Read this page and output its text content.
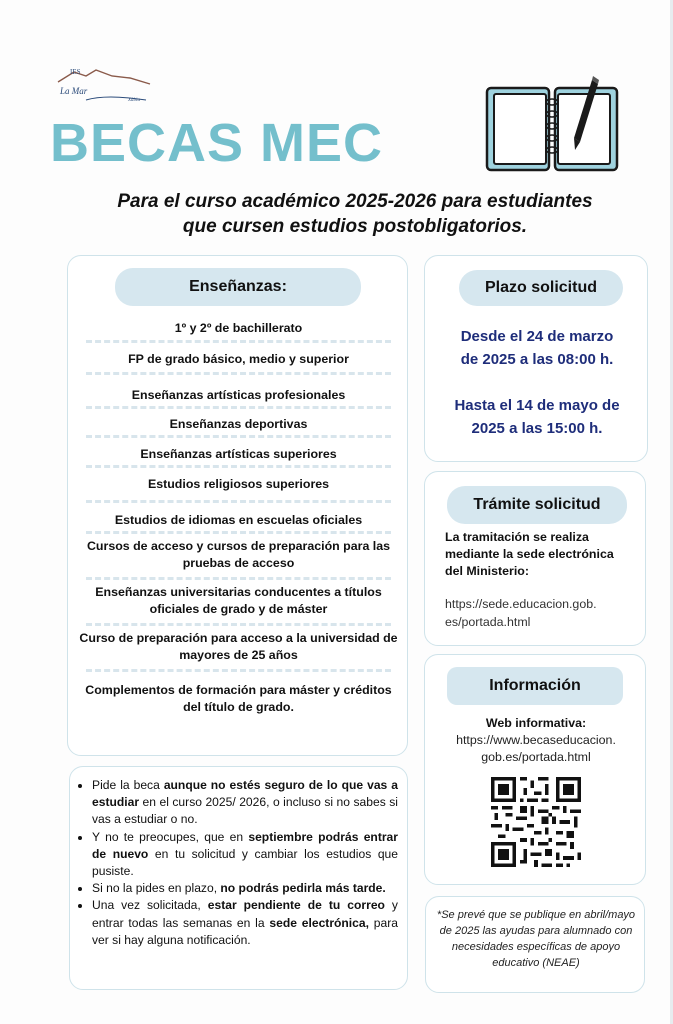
IES
La Mar
Xàbia
BECAS MEC
Para el curso académico 2025-2026 para estudiantes
que cursen estudios postobligatorios.
Enseñanzas:
1º y 2º de bachillerato
FP de grado básico, medio y superior
Enseñanzas artísticas profesionales
Enseñanzas deportivas
Enseñanzas artísticas superiores
Estudios religiosos superiores
Estudios de idiomas en escuelas oficiales
Cursos de acceso y cursos de preparación para las pruebas de acceso
Enseñanzas universitarias conducentes a títulos oficiales de grado y de máster
Curso de preparación para acceso a la universidad de mayores de 25 años
Complementos de formación para máster y créditos del título de grado.
Plazo solicitud
Desde el 24 de marzo
de 2025 a las 08:00 h.
Hasta el 14 de mayo de
2025 a las 15:00 h.
Trámite solicitud
La tramitación se realiza mediante la sede electrónica del Ministerio:
https://sede.educacion.gob.
es/portada.html
Información
Web informativa:
https://www.becaseducacion.
gob.es/portada.html
*Se prevé que se publique en abril/mayo de 2025 las ayudas para alumnado con necesidades específicas de apoyo educativo (NEAE)
• Pide la beca aunque no estés seguro de lo que vas a estudiar en el curso 2025/ 2026, o incluso si no sabes si vas a estudiar o no.
• Y no te preocupes, que en septiembre podrás entrar de nuevo en tu solicitud y cambiar los estudios que pusiste.
• Si no la pides en plazo, no podrás pedirla más tarde.
• Una vez solicitada, estar pendiente de tu correo y entrar todas las semanas en la sede electrónica, para ver si hay alguna notificación.
